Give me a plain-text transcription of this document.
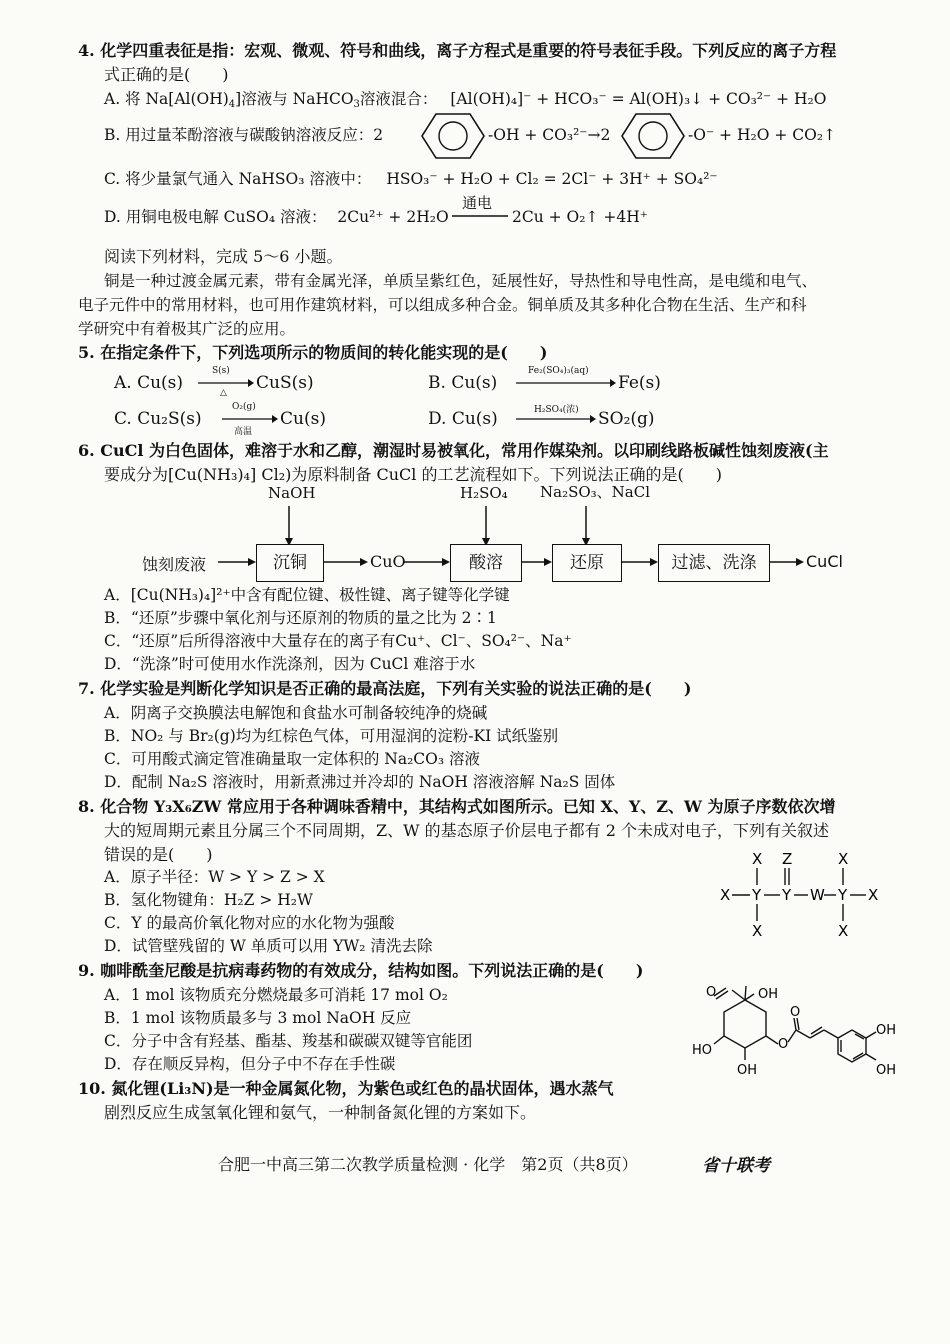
4. 化学四重表征是指：宏观、微观、符号和曲线，离子方程式是重要的符号表征手段。下列反应的离子方程
式正确的是(　　)
A. 将 $Na[Al(OH)_4]$溶液与 NaHCO$_3$溶液混合： [Al(OH)₄]⁻ + HCO₃⁻ = Al(OH)₃↓ + CO₃²⁻ + H₂O
B. 用过量苯酚溶液与碳酸钠溶液反应：2	-OH + CO₃²⁻→2	-O⁻ + H₂O + CO₂↑
C. 将少量氯气通入 NaHSO₃ 溶液中： HSO₃⁻ + H₂O + Cl₂ = 2Cl⁻ + 3H⁺ + SO₄²⁻
D. 用铜电极电解 CuSO₄ 溶液： 2Cu²⁺ + 2H₂O
通电
2Cu + O₂↑ +4H⁺
阅读下列材料，完成 5～6 小题。
铜是一种过渡金属元素，带有金属光泽，单质呈紫红色，延展性好，导热性和导电性高，是电缆和电气、
电子元件中的常用材料，也可用作建筑材料，可以组成多种合金。铜单质及其多种化合物在生活、生产和科
学研究中有着极其广泛的应用。
5. 在指定条件下，下列选项所示的物质间的转化能实现的是(　　)
A. Cu(s)
S(s)
△ CuS(s)	B. Cu(s)
Fe₂(SO₄)₃(aq)
Fe(s)
C. Cu₂S(s)
O₂(g)
高温
Cu(s)	D. Cu(s)	H₂SO₄(浓) SO₂(g)
6. CuCl 为白色固体，难溶于水和乙醇，潮湿时易被氧化，常用作媒染剂。以印刷线路板碱性蚀刻废液(主
要成分为[Cu(NH₃)₄] Cl₂)为原料制备 CuCl 的工艺流程如下。下列说法正确的是(　　)
NaOH	H₂SO₄ Na₂SO₃、NaCl
蚀刻废液	沉铜	CuO	酸溶	还原	过滤、洗涤	CuCl
A．[Cu(NH₃)₄]²⁺中含有配位键、极性键、离子键等化学键
B．“还原”步骤中氧化剂与还原剂的物质的量之比为 2∶1
C．“还原”后所得溶液中大量存在的离子有Cu⁺、Cl⁻、SO₄²⁻、Na⁺
D．“洗涤”时可使用水作洗涤剂，因为 CuCl 难溶于水
7. 化学实验是判断化学知识是否正确的最高法庭，下列有关实验的说法正确的是(　　)
A．阴离子交换膜法电解饱和食盐水可制备较纯净的烧碱
B．NO₂ 与 Br₂(g)均为红棕色气体，可用湿润的淀粉-KI 试纸鉴别
C．可用酸式滴定管准确量取一定体积的 Na₂CO₃ 溶液
D．配制 Na₂S 溶液时，用新煮沸过并冷却的 NaOH 溶液溶解 Na₂S 固体
8. 化合物 Y₃X₆ZW 常应用于各种调味香精中，其结构式如图所示。已知 X、Y、Z、W 为原子序数依次增
大的短周期元素且分属三个不同周期，Z、W 的基态原子价层电子都有 2 个未成对电子，下列有关叙述
错误的是(　　)
A．原子半径：W > Y > Z > X
B．氢化物键角：H₂Z > H₂W
C．Y 的最高价氧化物对应的水化物为强酸
D．试管壁残留的 W 单质可以用 YW₂ 清洗去除
X Z	X
X Y Y W Y X
X	X
9. 咖啡酰奎尼酸是抗病毒药物的有效成分，结构如图。下列说法正确的是(　　)
A．1 mol 该物质充分燃烧最多可消耗 17 mol O₂
B．1 mol 该物质最多与 3 mol NaOH 反应
C．分子中含有羟基、酯基、羧基和碳碳双键等官能团
D．存在顺反异构，但分子中不存在手性碳
O	OH
HO
OH
O
O
OH
OH
10. 氮化锂(Li₃N)是一种金属氮化物，为紫色或红色的晶状固体，遇水蒸气
剧烈反应生成氢氧化锂和氨气，一种制备氮化锂的方案如下。
合肥一中高三第二次教学质量检测 · 化学　第2页（共8页）	省十联考
